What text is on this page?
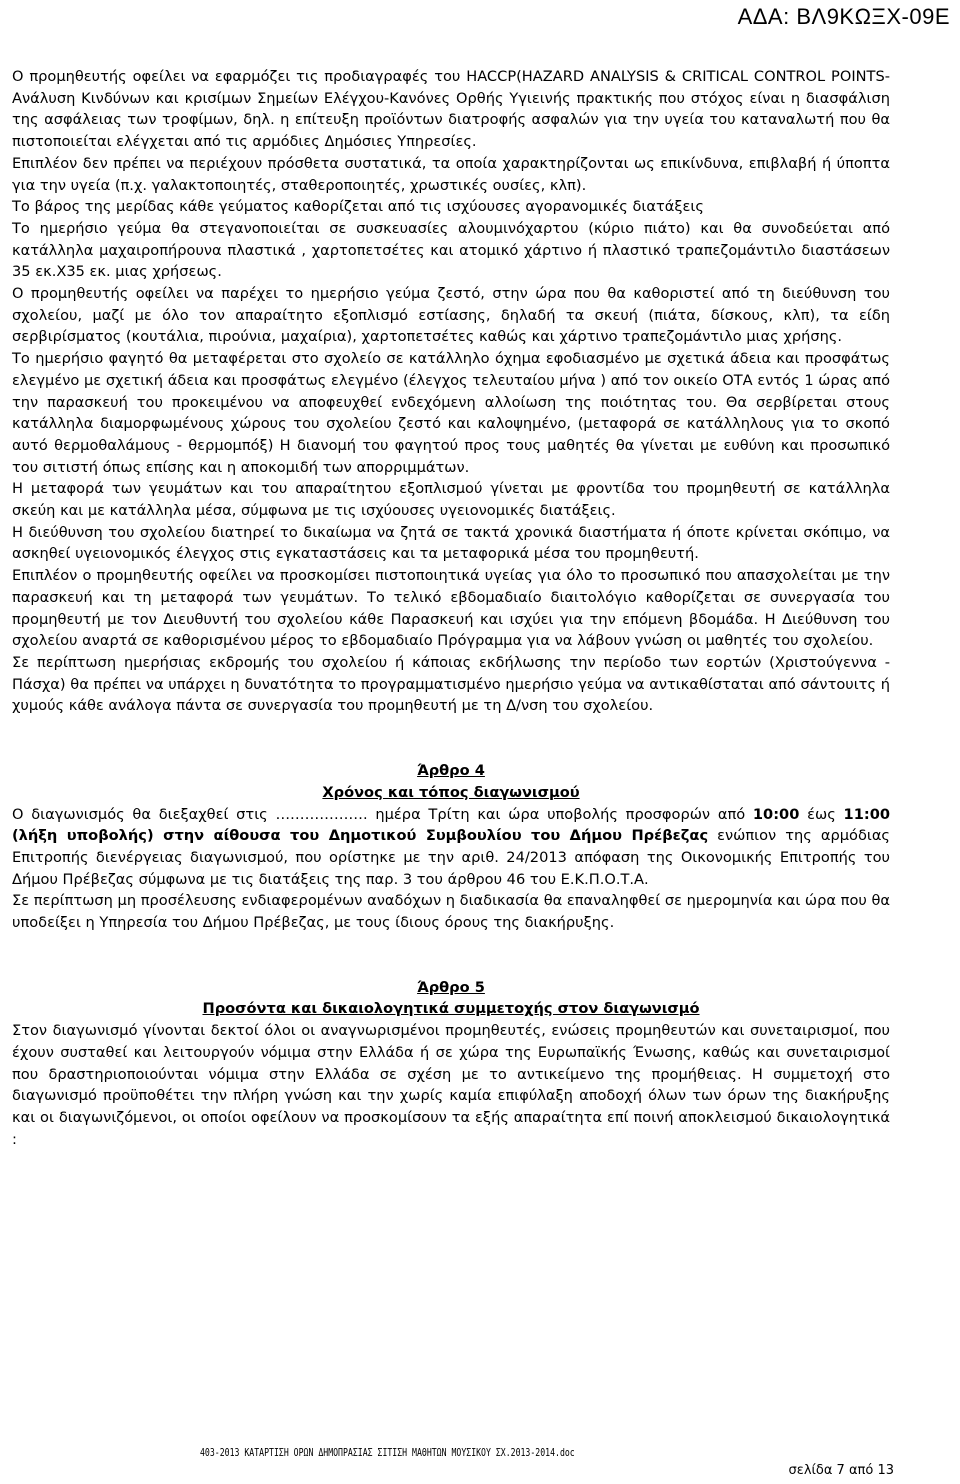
ΑΔΑ: ΒΛ9ΚΩΞΧ-09Ε

Ο προμηθευτής οφείλει να εφαρμόζει τις προδιαγραφές του HACCP(HAZARD ANALYSIS & CRITICAL CONTROL POINTS- Ανάλυση Κινδύνων και κρισίμων Σημείων Ελέγχου-Κανόνες Ορθής Υγιεινής πρακτικής που στόχος είναι η διασφάλιση της ασφάλειας των τροφίμων, δηλ. η επίτευξη προϊόντων διατροφής ασφαλών για την υγεία του καταναλωτή που θα πιστοποιείται ελέγχεται από τις αρμόδιες Δημόσιες Υπηρεσίες.

Επιπλέον δεν πρέπει να περιέχουν πρόσθετα συστατικά, τα οποία χαρακτηρίζονται ως επικίνδυνα, επιβλαβή ή ύποπτα για την υγεία (π.χ. γαλακτοποιητές, σταθεροποιητές, χρωστικές ουσίες, κλπ).

Το βάρος της μερίδας κάθε γεύματος καθορίζεται από τις ισχύουσες αγορανομικές διατάξεις

Το ημερήσιο γεύμα θα στεγανοποιείται σε συσκευασίες αλουμινόχαρτου (κύριο πιάτο) και θα συνοδεύεται από κατάλληλα μαχαιροπήρουνα πλαστικά , χαρτοπετσέτες και ατομικό χάρτινο ή πλαστικό τραπεζομάντιλο διαστάσεων 35 εκ.Χ35 εκ. μιας χρήσεως.

Ο προμηθευτής οφείλει να παρέχει το ημερήσιο γεύμα ζεστό, στην ώρα που θα καθοριστεί από τη διεύθυνση του σχολείου, μαζί με όλο τον απαραίτητο εξοπλισμό εστίασης, δηλαδή τα σκευή (πιάτα, δίσκους, κλπ), τα είδη σερβιρίσματος (κουτάλια, πιρούνια, μαχαίρια), χαρτοπετσέτες καθώς και χάρτινο τραπεζομάντιλο μιας χρήσης.

Το ημερήσιο φαγητό θα μεταφέρεται στο σχολείο σε κατάλληλο όχημα εφοδιασμένο με σχετικά άδεια και προσφάτως ελεγμένο με σχετική άδεια και προσφάτως ελεγμένο (έλεγχος τελευταίου μήνα ) από τον οικείο ΟΤΑ εντός 1 ώρας από την παρασκευή του προκειμένου να αποφευχθεί ενδεχόμενη αλλοίωση της ποιότητας του. Θα σερβίρεται στους κατάλληλα διαμορφωμένους χώρους του σχολείου ζεστό και καλοψημένο, (μεταφορά σε κατάλληλους για το σκοπό αυτό θερμοθαλάμους - θερμομπόξ) Η διανομή του φαγητού προς τους μαθητές θα γίνεται με ευθύνη και προσωπικό του σιτιστή όπως επίσης και η αποκομιδή των απορριμμάτων.

Η μεταφορά των γευμάτων και του απαραίτητου εξοπλισμού γίνεται με φροντίδα του προμηθευτή σε κατάλληλα σκεύη και με κατάλληλα μέσα, σύμφωνα με τις ισχύουσες υγειονομικές διατάξεις.

Η διεύθυνση του σχολείου διατηρεί το δικαίωμα να ζητά σε τακτά χρονικά διαστήματα ή όποτε κρίνεται σκόπιμο, να ασκηθεί υγειονομικός έλεγχος στις εγκαταστάσεις και τα μεταφορικά μέσα του προμηθευτή.

Επιπλέον ο προμηθευτής οφείλει να προσκομίσει πιστοποιητικά υγείας για όλο το προσωπικό που απασχολείται με την παρασκευή και τη μεταφορά των γευμάτων. Το τελικό εβδομαδιαίο διαιτολόγιο καθορίζεται σε συνεργασία του προμηθευτή με τον Διευθυντή του σχολείου κάθε Παρασκευή και ισχύει για την επόμενη βδομάδα. Η Διεύθυνση του σχολείου αναρτά σε καθορισμένου μέρος το εβδομαδιαίο Πρόγραμμα για να λάβουν γνώση οι μαθητές του σχολείου.

Σε περίπτωση ημερήσιας εκδρομής του σχολείου ή κάποιας εκδήλωσης την περίοδο των εορτών (Χριστούγεννα - Πάσχα) θα πρέπει να υπάρχει η δυνατότητα το προγραμματισμένο ημερήσιο γεύμα να αντικαθίσταται από σάντουιτς ή χυμούς κάθε ανάλογα πάντα σε συνεργασία του προμηθευτή με τη Δ/νση του σχολείου.

Άρθρο 4

Χρόνος και τόπος διαγωνισμού

Ο διαγωνισμός θα διεξαχθεί στις ………………. ημέρα Τρίτη και ώρα υποβολής προσφορών από 10:00 έως 11:00 (λήξη υποβολής) στην αίθουσα του Δημοτικού Συμβουλίου του Δήμου Πρέβεζας ενώπιον της αρμόδιας Επιτροπής διενέργειας διαγωνισμού, που ορίστηκε με την αριθ. 24/2013 απόφαση της Οικονομικής Επιτροπής του Δήμου Πρέβεζας σύμφωνα με τις διατάξεις της παρ. 3 του άρθρου 46 του Ε.Κ.Π.Ο.Τ.Α.

Σε περίπτωση μη προσέλευσης ενδιαφερομένων αναδόχων η διαδικασία θα επαναληφθεί σε ημερομηνία και ώρα που θα υποδείξει η Υπηρεσία του Δήμου Πρέβεζας, με τους ίδιους όρους της διακήρυξης.

Άρθρο 5

Προσόντα και δικαιολογητικά συμμετοχής στον διαγωνισμό

Στον διαγωνισμό γίνονται δεκτοί όλοι οι αναγνωρισμένοι προμηθευτές, ενώσεις προμηθευτών και συνεταιρισμοί, που έχουν συσταθεί και λειτουργούν νόμιμα στην Ελλάδα ή σε χώρα της Ευρωπαϊκής Ένωσης, καθώς και συνεταιρισμοί που δραστηριοποιούνται νόμιμα στην Ελλάδα σε σχέση με το αντικείμενο της προμήθειας. Η συμμετοχή στο διαγωνισμό προϋποθέτει την πλήρη γνώση και την χωρίς καμία επιφύλαξη αποδοχή όλων των όρων της διακήρυξης και οι διαγωνιζόμενοι, οι οποίοι οφείλουν να προσκομίσουν τα εξής απαραίτητα επί ποινή αποκλεισμού δικαιολογητικά :

403-2013 ΚΑΤΑΡΤΙΣΗ ΟΡΩΝ ΔΗΜΟΠΡΑΣΙΑΣ ΣΙΤΙΣΗ ΜΑΘΗΤΩΝ ΜΟΥΣΙΚΟΥ ΣΧ.2013-2014.doc
σελίδα 7 από 13
